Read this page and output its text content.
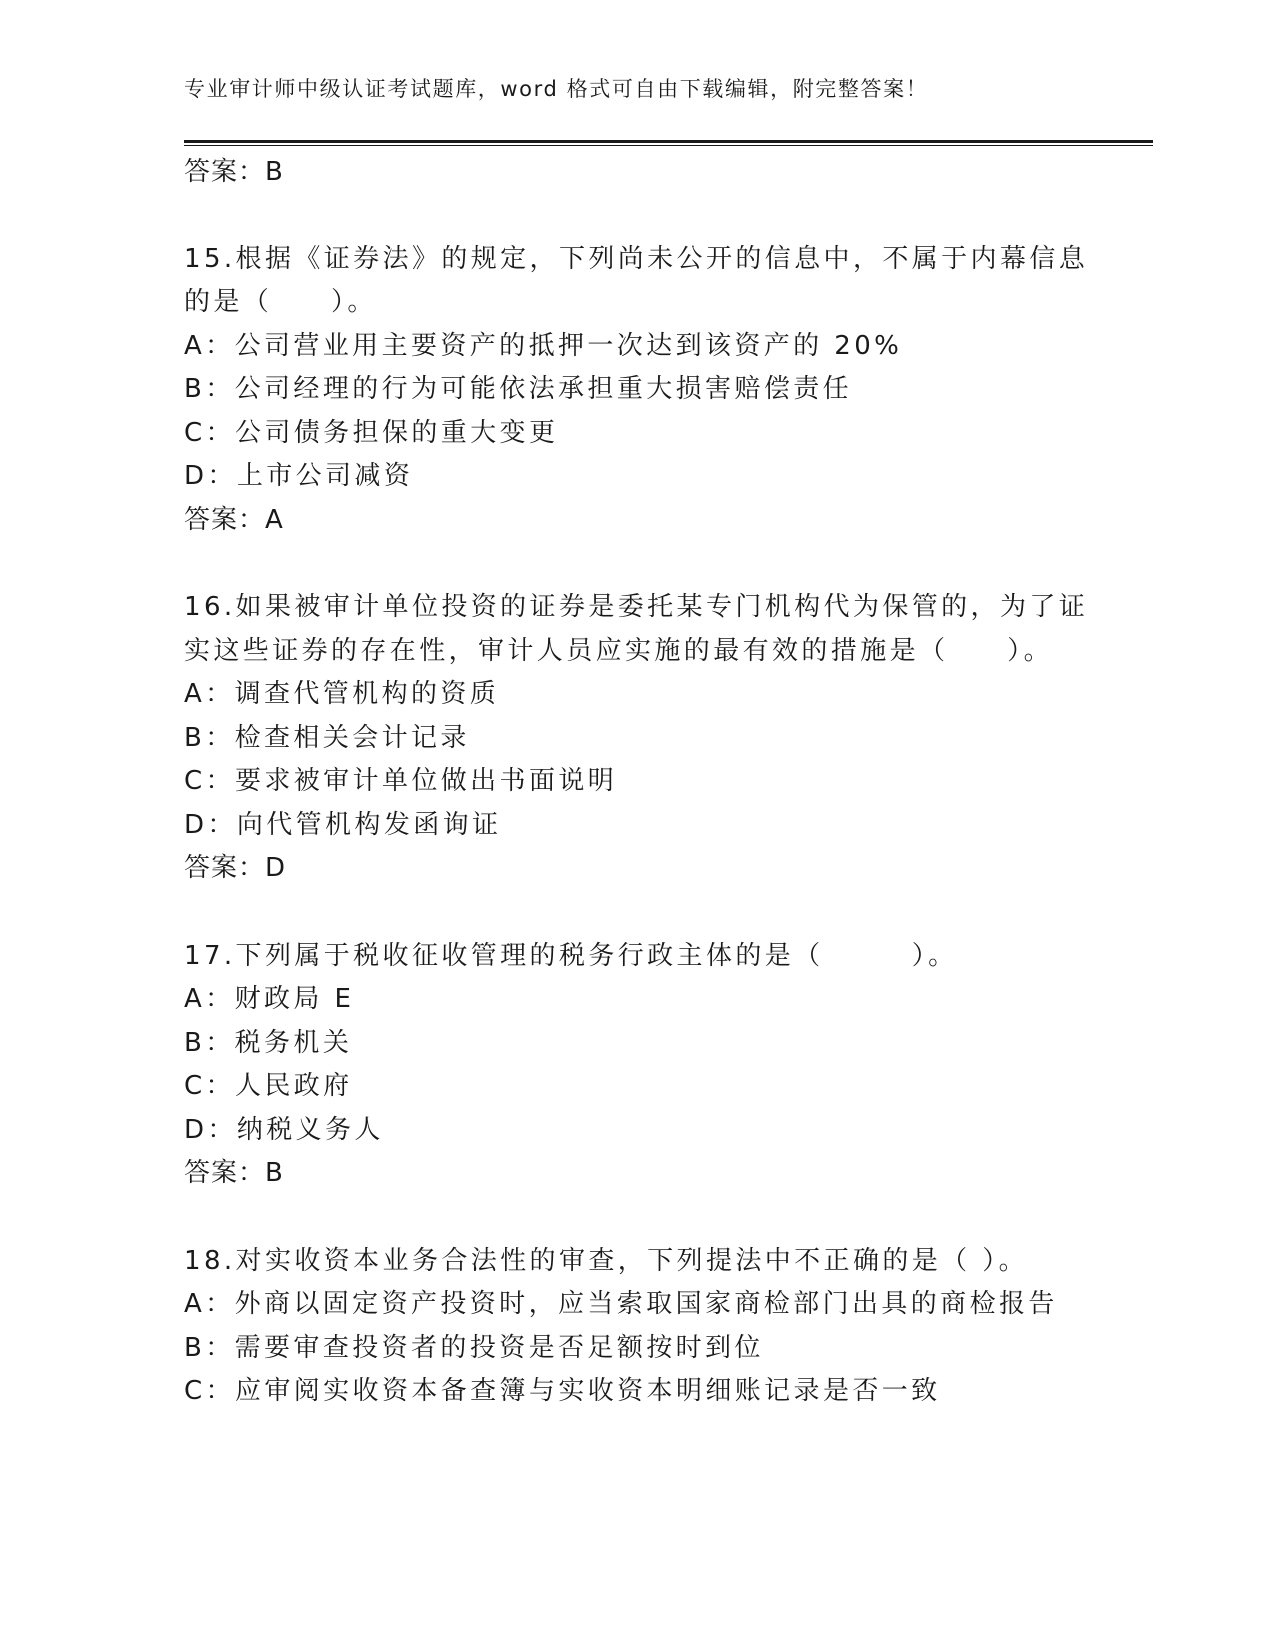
专业审计师中级认证考试题库，word 格式可自由下载编辑，附完整答案！
答案：B
15.根据《证券法》的规定，下列尚未公开的信息中，不属于内幕信息
的是（　　）。
A：公司营业用主要资产的抵押一次达到该资产的 20%
B：公司经理的行为可能依法承担重大损害赔偿责任
C：公司债务担保的重大变更
D：上市公司减资
答案：A
16.如果被审计单位投资的证券是委托某专门机构代为保管的，为了证
实这些证券的存在性，审计人员应实施的最有效的措施是（　　）。
A：调查代管机构的资质
B：检查相关会计记录
C：要求被审计单位做出书面说明
D：向代管机构发函询证
答案：D
17.下列属于税收征收管理的税务行政主体的是（　　　）。
A：财政局 E
B：税务机关
C：人民政府
D：纳税义务人
答案：B
18.对实收资本业务合法性的审查，下列提法中不正确的是（ ）。
A：外商以固定资产投资时，应当索取国家商检部门出具的商检报告
B：需要审查投资者的投资是否足额按时到位
C：应审阅实收资本备查簿与实收资本明细账记录是否一致
